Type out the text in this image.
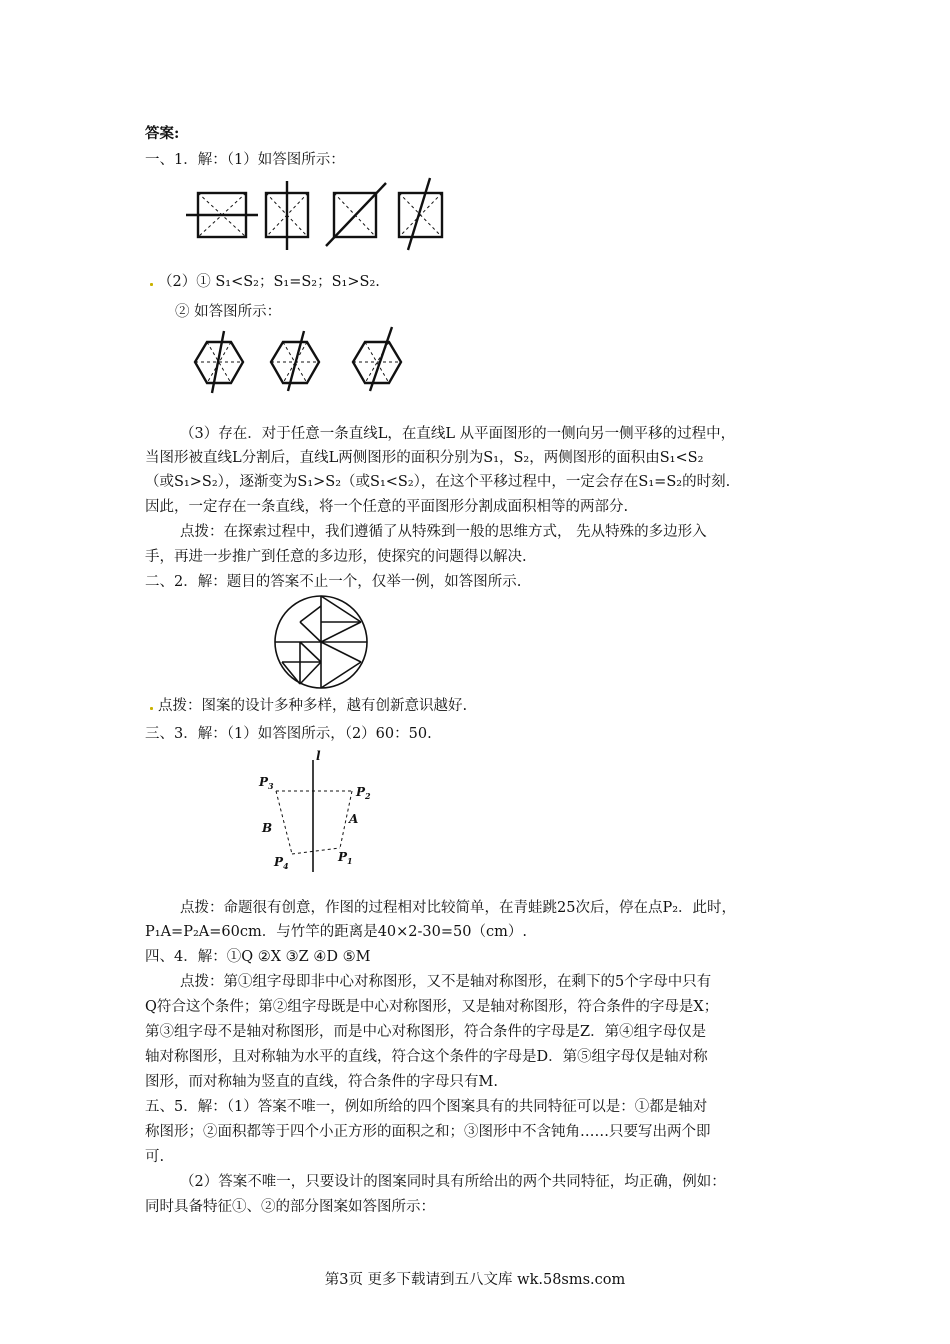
答案:
一、1．解：（1）如答图所示：
（2）① S₁<S₂；S₁=S₂；S₁>S₂.
② 如答图所示：
（3）存在．对于任意一条直线L，在直线L 从平面图形的一侧向另一侧平移的过程中，
当图形被直线L分割后，直线L两侧图形的面积分别为S₁，S₂，两侧图形的面积由S₁<S₂
（或S₁>S₂），逐渐变为S₁>S₂（或S₁<S₂），在这个平移过程中，一定会存在S₁=S₂的时刻.
因此，一定存在一条直线，将一个任意的平面图形分割成面积相等的两部分.
点拨：在探索过程中，我们遵循了从特殊到一般的思维方式， 先从特殊的多边形入
手，再进一步推广到任意的多边形，使探究的问题得以解决.
二、2．解：题目的答案不止一个，仅举一例，如答图所示.
点拨：图案的设计多种多样，越有创新意识越好.
三、3．解：（1）如答图所示，（2）60：50.
l
$P_3$	$P_2$
B
A
$P_4$
$P_1$
点拨：命题很有创意，作图的过程相对比较简单，在青蛙跳25次后，停在点P₂．此时，
P₁A=P₂A=60cm．与竹竿的距离是40×2-30=50（cm）.
四、4．解：①Q ②X ③Z ④D ⑤M
点拨：第①组字母即非中心对称图形，又不是轴对称图形，在剩下的5个字母中只有
Q符合这个条件；第②组字母既是中心对称图形，又是轴对称图形，符合条件的字母是X；
第③组字母不是轴对称图形，而是中心对称图形，符合条件的字母是Z．第④组字母仅是
轴对称图形，且对称轴为水平的直线，符合这个条件的字母是D．第⑤组字母仅是轴对称
图形，而对称轴为竖直的直线，符合条件的字母只有M.
五、5．解：（1）答案不唯一，例如所给的四个图案具有的共同特征可以是：①都是轴对
称图形；②面积都等于四个小正方形的面积之和；③图形中不含钝角……只要写出两个即
可.
（2）答案不唯一，只要设计的图案同时具有所给出的两个共同特征，均正确，例如：
同时具备特征①、②的部分图案如答图所示：
第3页 更多下载请到五八文库 wk.58sms.com
